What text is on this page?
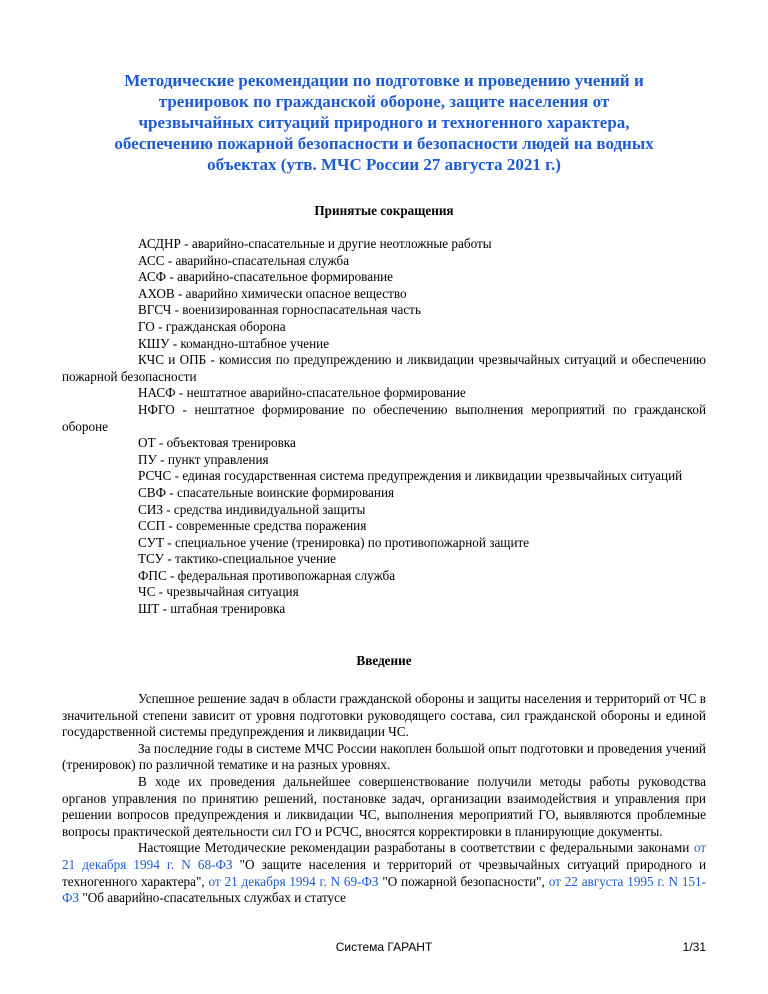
Методические рекомендации по подготовке и проведению учений и тренировок по гражданской обороне, защите населения от чрезвычайных ситуаций природного и техногенного характера, обеспечению пожарной безопасности и безопасности людей на водных объектах (утв. МЧС России 27 августа 2021 г.)
Принятые сокращения
АСДНР - аварийно-спасательные и другие неотложные работы
АСС - аварийно-спасательная служба
АСФ - аварийно-спасательное формирование
АХОВ - аварийно химически опасное вещество
ВГСЧ - военизированная горноспасательная часть
ГО - гражданская оборона
КШУ - командно-штабное учение
КЧС и ОПБ - комиссия по предупреждению и ликвидации чрезвычайных ситуаций и обеспечению пожарной безопасности
НАСФ - нештатное аварийно-спасательное формирование
НФГО - нештатное формирование по обеспечению выполнения мероприятий по гражданской обороне
ОТ - объектовая тренировка
ПУ - пункт управления
РСЧС - единая государственная система предупреждения и ликвидации чрезвычайных ситуаций
СВФ - спасательные воинские формирования
СИЗ - средства индивидуальной защиты
ССП - современные средства поражения
СУТ - специальное учение (тренировка) по противопожарной защите
ТСУ - тактико-специальное учение
ФПС - федеральная противопожарная служба
ЧС - чрезвычайная ситуация
ШТ - штабная тренировка
Введение

Успешное решение задач в области гражданской обороны и защиты населения и территорий от ЧС в значительной степени зависит от уровня подготовки руководящего состава, сил гражданской обороны и единой государственной системы предупреждения и ликвидации ЧС.

За последние годы в системе МЧС России накоплен большой опыт подготовки и проведения учений (тренировок) по различной тематике и на разных уровнях.

В ходе их проведения дальнейшее совершенствование получили методы работы руководства органов управления по принятию решений, постановке задач, организации взаимодействия и управления при решении вопросов предупреждения и ликвидации ЧС, выполнения мероприятий ГО, выявляются проблемные вопросы практической деятельности сил ГО и РСЧС, вносятся корректировки в планирующие документы.

Настоящие Методические рекомендации разработаны в соответствии с федеральными законами от 21 декабря 1994 г. N 68-ФЗ "О защите населения и территорий от чрезвычайных ситуаций природного и техногенного характера", от 21 декабря 1994 г. N 69-ФЗ "О пожарной безопасности", от 22 августа 1995 г. N 151-ФЗ "Об аварийно-спасательных службах и статусе

Система ГАРАНТ	1/31
